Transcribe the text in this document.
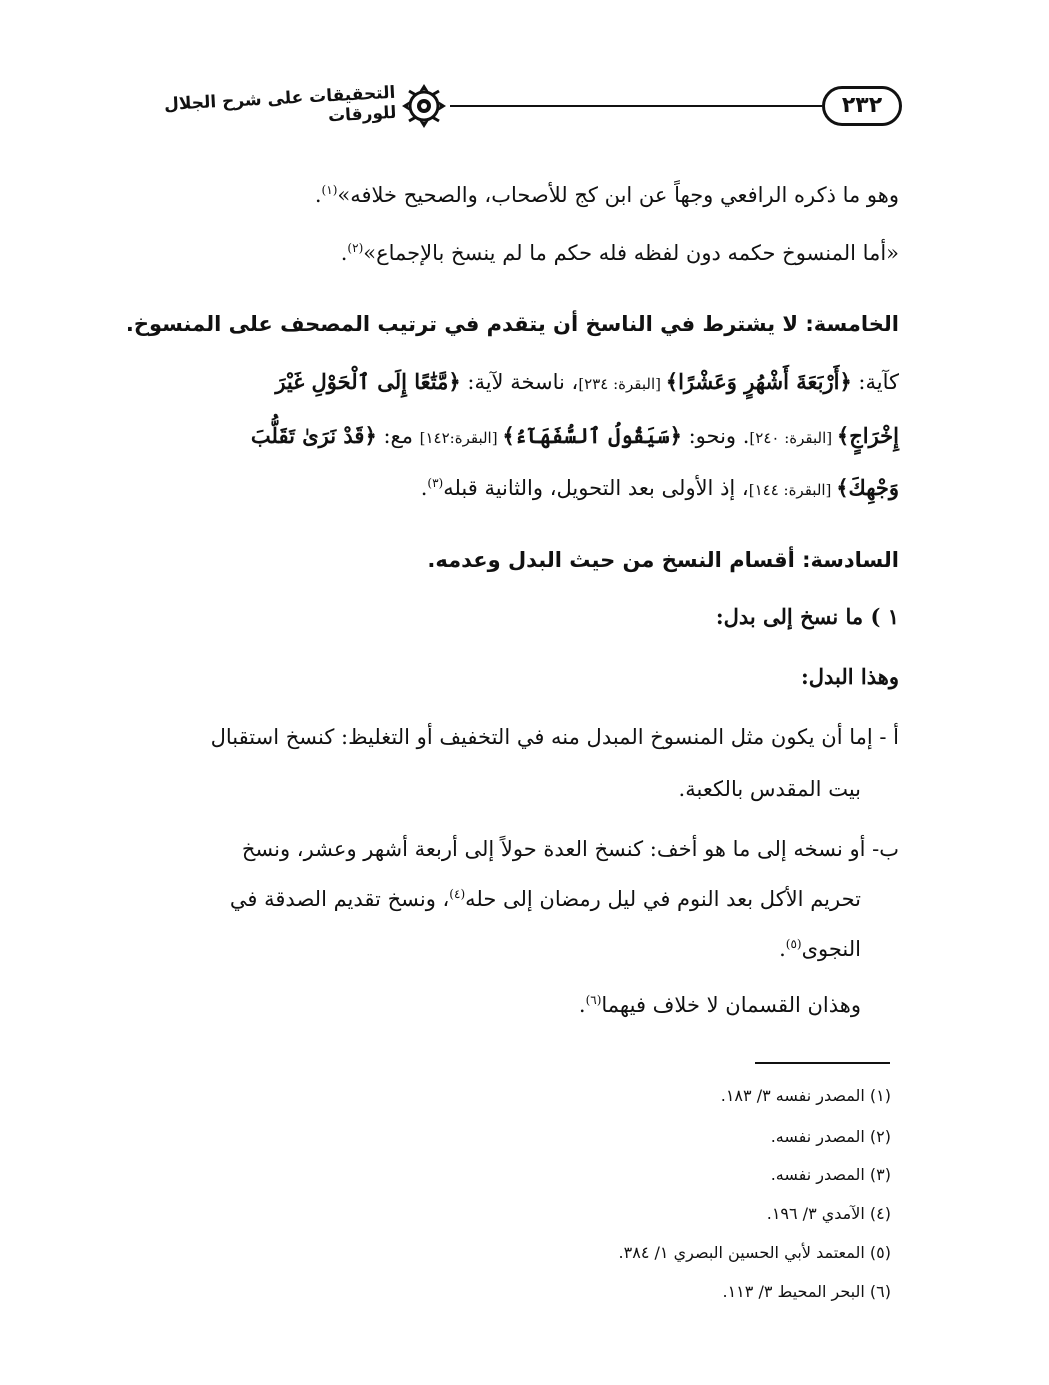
٢٣٢
التحقيقات على شرح الجلال للورقات
وهو ما ذكره الرافعي وجهاً عن ابن كج للأصحاب، والصحيح خلافه»$^{(١)}$.
«أما المنسوخ حكمه دون لفظه فله حكم ما لم ينسخ بالإجماع»$^{(٢)}$.
الخامسة: لا يشترط في الناسخ أن يتقدم في ترتيب المصحف على المنسوخ.
كآية: ﴿أَرْبَعَةَ أَشْهُرٍ وَعَشْرًا﴾ [البقرة: ٢٣٤]، ناسخة لآية: ﴿مَّتَٰعًا إِلَى ٱلْحَوْلِ غَيْرَ
إِخْرَاجٍ﴾ [البقرة: ٢٤٠]. ونحو: ﴿سَيَقُولُ ٱلسُّفَهَآءُ﴾ [البقرة:١٤٢] مع: ﴿قَدْ نَرَىٰ تَقَلُّبَ
وَجْهِكَ﴾ [البقرة: ١٤٤]، إذ الأولى بعد التحويل، والثانية قبله$^{(٣)}$.
السادسة: أقسام النسخ من حيث البدل وعدمه.
١ ) ما نسخ إلى بدل:
وهذا البدل:
أ - إما أن يكون مثل المنسوخ المبدل منه في التخفيف أو التغليظ: كنسخ استقبال
بيت المقدس بالكعبة.
ب- أو نسخه إلى ما هو أخف: كنسخ العدة حولاً إلى أربعة أشهر وعشر، ونسخ
تحريم الأكل بعد النوم في ليل رمضان إلى حله$^{(٤)}$، ونسخ تقديم الصدقة في
النجوى$^{(٥)}$.
وهذان القسمان لا خلاف فيهما$^{(٦)}$.
(١) المصدر نفسه ٣/ ١٨٣.
(٢) المصدر نفسه.
(٣) المصدر نفسه.
(٤) الآمدي ٣/ ١٩٦.
(٥) المعتمد لأبي الحسين البصري ١/ ٣٨٤.
(٦) البحر المحيط ٣/ ١١٣.
